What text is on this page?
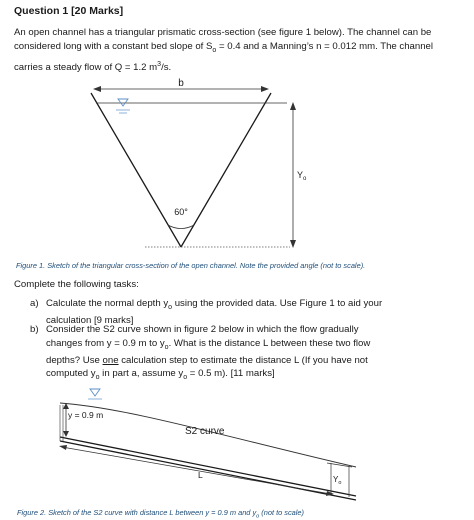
Question 1 [20 Marks]
An open channel has a triangular prismatic cross-section (see figure 1 below). The channel can be
considered long with a constant bed slope of $S_o = 0.4$ and a Manning’s n = 0.012 mm. The channel
carries a steady flow of Q = 1.2 $m^3/s$.
b
$Y_o$
60°
y = 0.9 m
S2 curve
L	$Y_o$
Figure 1. Sketch of the triangular cross-section of the open channel. Note the provided angle (not to scale).
Complete the following tasks:
a) Calculate the normal depth $y_o$ using the provided data. Use Figure 1 to aid your calculation [9 marks]
b) Consider the S2 curve shown in figure 2 below in which the flow gradually changes from y = 0.9 m to $y_o$. What is the distance L between these two flow depths? Use one calculation step to estimate the distance L (If you have not computed $y_o$ in part a, assume $y_o = 0.5$ m). [11 marks]
Figure 2. Sketch of the S2 curve with distance L between y = 0.9 m and $y_o$ (not to scale)
